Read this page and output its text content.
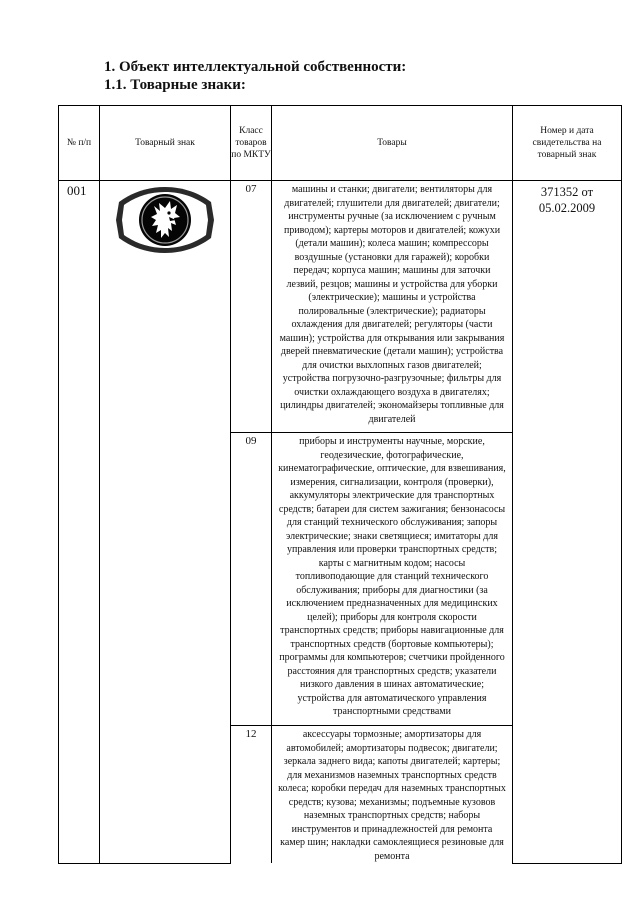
1. Объект интеллектуальной собственности:
1.1. Товарные знаки:
№ п/п	Товарный знак	Класс товаров по МКТУ	Товары	Номер и дата свидетельства на товарный знак
001		07	машины и станки; двигатели; вентиляторы для двигателей; глушители для двигателей; двигатели; инструменты ручные (за исключением с ручным приводом); картеры моторов и двигателей; кожухи (детали машин); колеса машин; компрессоры воздушные (установки для гаражей); коробки передач; корпуса машин; машины для заточки лезвий, резцов; машины и устройства для уборки (электрические); машины и устройства полировальные (электрические); радиаторы охлаждения для двигателей; регуляторы (части машин); устройства для открывания или закрывания дверей пневматические (детали машин); устройства для очистки выхлопных газов двигателей; устройства погрузочно-разгрузочные; фильтры для очистки охлаждающего воздуха в двигателях; цилиндры двигателей; экономайзеры топливные для двигателей	371352 от 05.02.2009
		09	приборы и инструменты научные, морские, геодезические, фотографические, кинематографические, оптические, для взвешивания, измерения, сигнализации, контроля (проверки), аккумуляторы электрические для транспортных средств; батареи для систем зажигания; бензонасосы для станций технического обслуживания; запоры электрические; знаки светящиеся; имитаторы для управления или проверки транспортных средств; карты с магнитным кодом; насосы топливоподающие для станций технического обслуживания; приборы для диагностики (за исключением предназначенных для медицинских целей); приборы для контроля скорости транспортных средств; приборы навигационные для транспортных средств (бортовые компьютеры); программы для компьютеров; счетчики пройденного расстояния для транспортных средств; указатели низкого давления в шинах автоматические; устройства для автоматического управления транспортными средствами	
		12	аксессуары тормозные; амортизаторы для автомобилей; амортизаторы подвесок; двигатели; зеркала заднего вида; капоты двигателей; картеры; для механизмов наземных транспортных средств колеса; коробки передач для наземных транспортных средств; кузова; механизмы; подъемные кузовов наземных транспортных средств; наборы инструментов и принадлежностей для ремонта камер шин; накладки самоклеящиеся резиновые для ремонта	
